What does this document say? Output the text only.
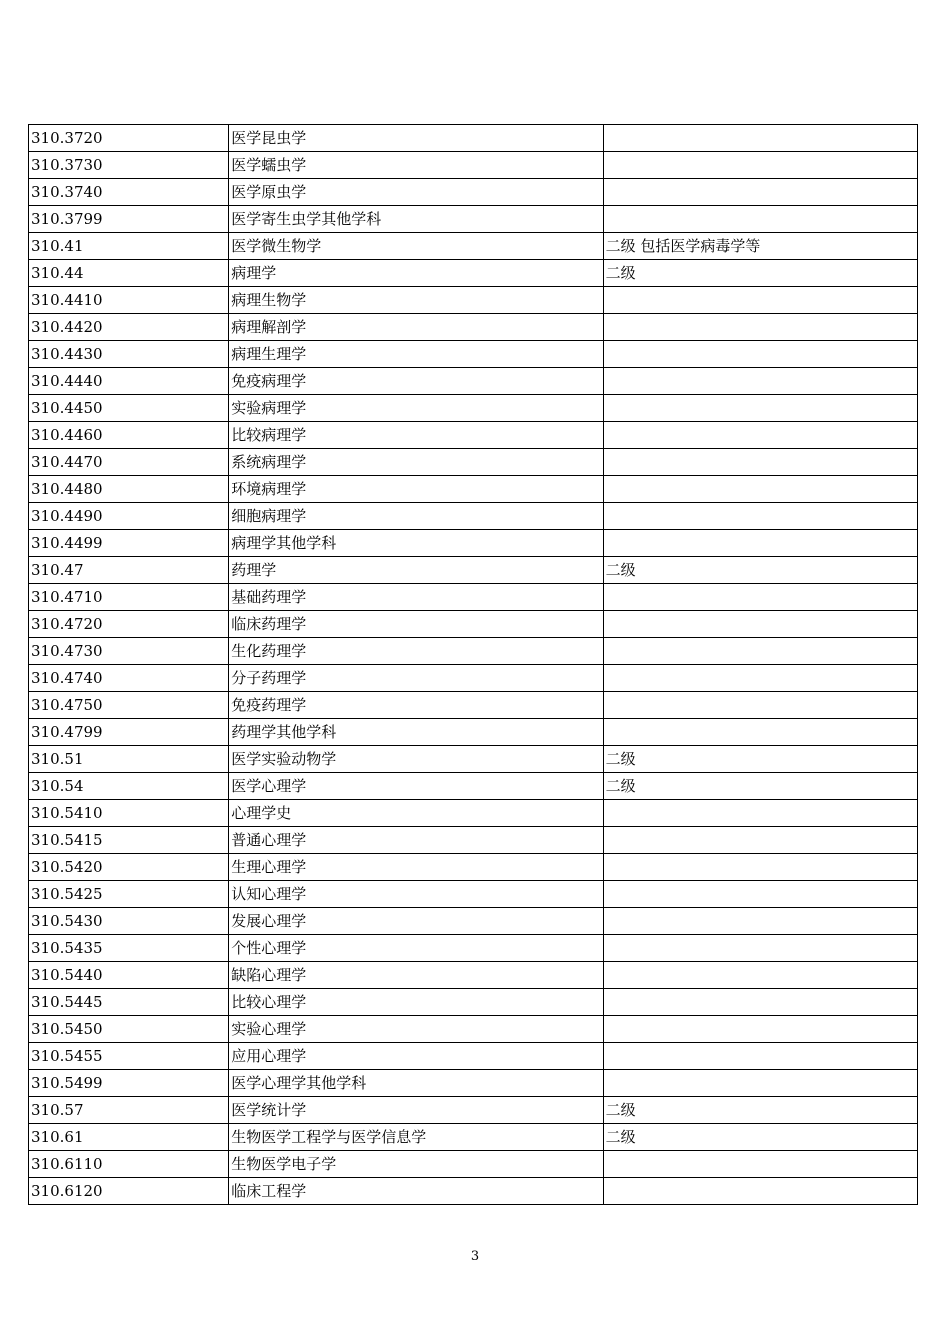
310.3720	医学昆虫学	
310.3730	医学蠕虫学	
310.3740	医学原虫学	
310.3799	医学寄生虫学其他学科	
310.41	医学微生物学	二级 包括医学病毒学等
310.44	病理学	二级
310.4410	病理生物学	
310.4420	病理解剖学	
310.4430	病理生理学	
310.4440	免疫病理学	
310.4450	实验病理学	
310.4460	比较病理学	
310.4470	系统病理学	
310.4480	环境病理学	
310.4490	细胞病理学	
310.4499	病理学其他学科	
310.47	药理学	二级
310.4710	基础药理学	
310.4720	临床药理学	
310.4730	生化药理学	
310.4740	分子药理学	
310.4750	免疫药理学	
310.4799	药理学其他学科	
310.51	医学实验动物学	二级
310.54	医学心理学	二级
310.5410	心理学史	
310.5415	普通心理学	
310.5420	生理心理学	
310.5425	认知心理学	
310.5430	发展心理学	
310.5435	个性心理学	
310.5440	缺陷心理学	
310.5445	比较心理学	
310.5450	实验心理学	
310.5455	应用心理学	
310.5499	医学心理学其他学科	
310.57	医学统计学	二级
310.61	生物医学工程学与医学信息学	二级
310.6110	生物医学电子学	
310.6120	临床工程学	
3
